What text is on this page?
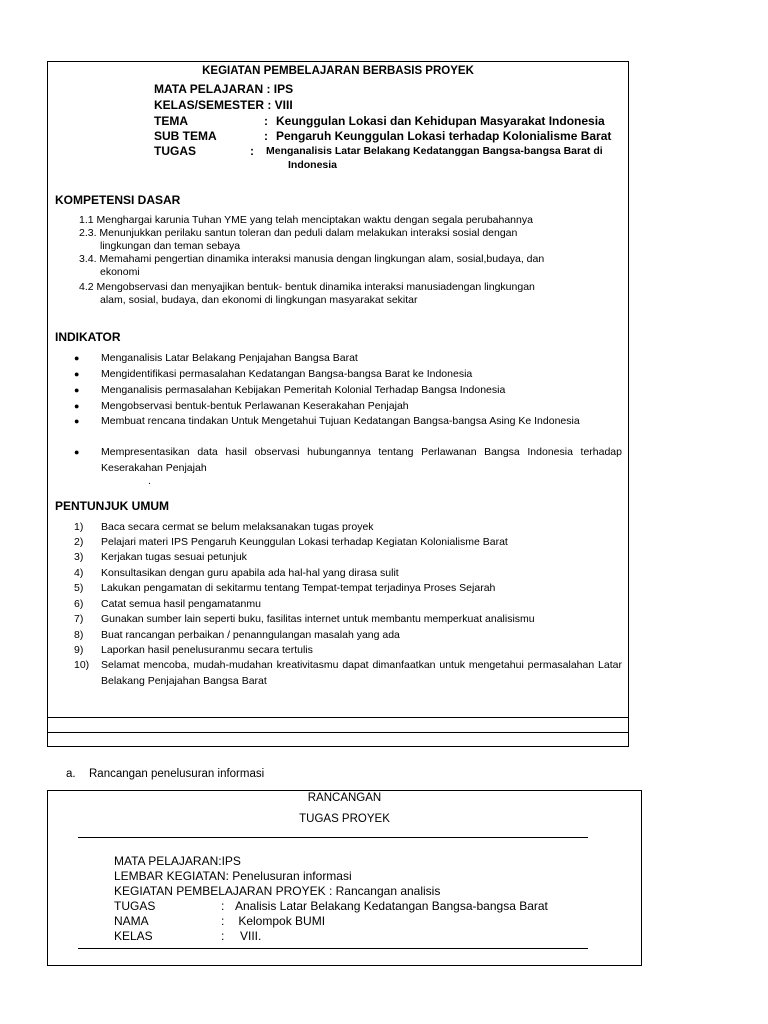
KEGIATAN PEMBELAJARAN BERBASIS PROYEK
MATA PELAJARAN : IPS
KELAS/SEMESTER : VIII
TEMA	: Keunggulan Lokasi dan Kehidupan Masyarakat Indonesia
SUB TEMA	: Pengaruh Keunggulan Lokasi terhadap Kolonialisme Barat
TUGAS	: Menganalisis Latar Belakang Kedatanggan Bangsa-bangsa Barat di
Indonesia
KOMPETENSI DASAR
1.1 Menghargai karunia Tuhan YME yang telah menciptakan waktu dengan segala perubahannya
2.3. Menunjukkan perilaku santun toleran dan peduli dalam melakukan interaksi sosial dengan
lingkungan dan teman sebaya
3.4. Memahami pengertian dinamika interaksi manusia dengan lingkungan alam, sosial,budaya, dan
ekonomi
4.2 Mengobservasi dan menyajikan bentuk- bentuk dinamika interaksi manusiadengan lingkungan
alam, sosial, budaya, dan ekonomi di lingkungan masyarakat sekitar
INDIKATOR
● Menganalisis Latar Belakang Penjajahan Bangsa Barat
● Mengidentifikasi permasalahan Kedatangan Bangsa-bangsa Barat ke Indonesia
● Menganalisis permasalahan Kebijakan Pemeritah Kolonial Terhadap Bangsa Indonesia
● Mengobservasi bentuk-bentuk Perlawanan Keserakahan Penjajah
● Membuat rencana tindakan Untuk Mengetahui Tujuan Kedatangan Bangsa-bangsa Asing Ke Indonesia
● Mempresentasikan data hasil observasi hubungannya tentang Perlawanan Bangsa Indonesia terhadap Keserakahan Penjajah
.
PENTUNJUK UMUM
1) Baca secara cermat se belum melaksanakan tugas proyek
2) Pelajari materi IPS Pengaruh Keunggulan Lokasi terhadap Kegiatan Kolonialisme Barat
3) Kerjakan tugas sesuai petunjuk
4) Konsultasikan dengan guru apabila ada hal-hal yang dirasa sulit
5) Lakukan pengamatan di sekitarmu tentang Tempat-tempat terjadinya Proses Sejarah
6) Catat semua hasil pengamatanmu
7) Gunakan sumber lain seperti buku, fasilitas internet untuk membantu memperkuat analisismu
8) Buat rancangan perbaikan / penanngulangan masalah yang ada
9) Laporkan hasil penelusuranmu secara tertulis
10) Selamat mencoba, mudah-mudahan kreativitasmu dapat dimanfaatkan untuk mengetahui permasalahan Latar Belakang Penjajahan Bangsa Barat
a. Rancangan penelusuran informasi
RANCANGAN
TUGAS PROYEK
MATA PELAJARAN:IPS
LEMBAR KEGIATAN: Penelusuran informasi
KEGIATAN PEMBELAJARAN PROYEK : Rancangan analisis
TUGAS	: Analisis Latar Belakang Kedatangan Bangsa-bangsa Barat
NAMA	: Kelompok BUMI
KELAS	: VIII.
